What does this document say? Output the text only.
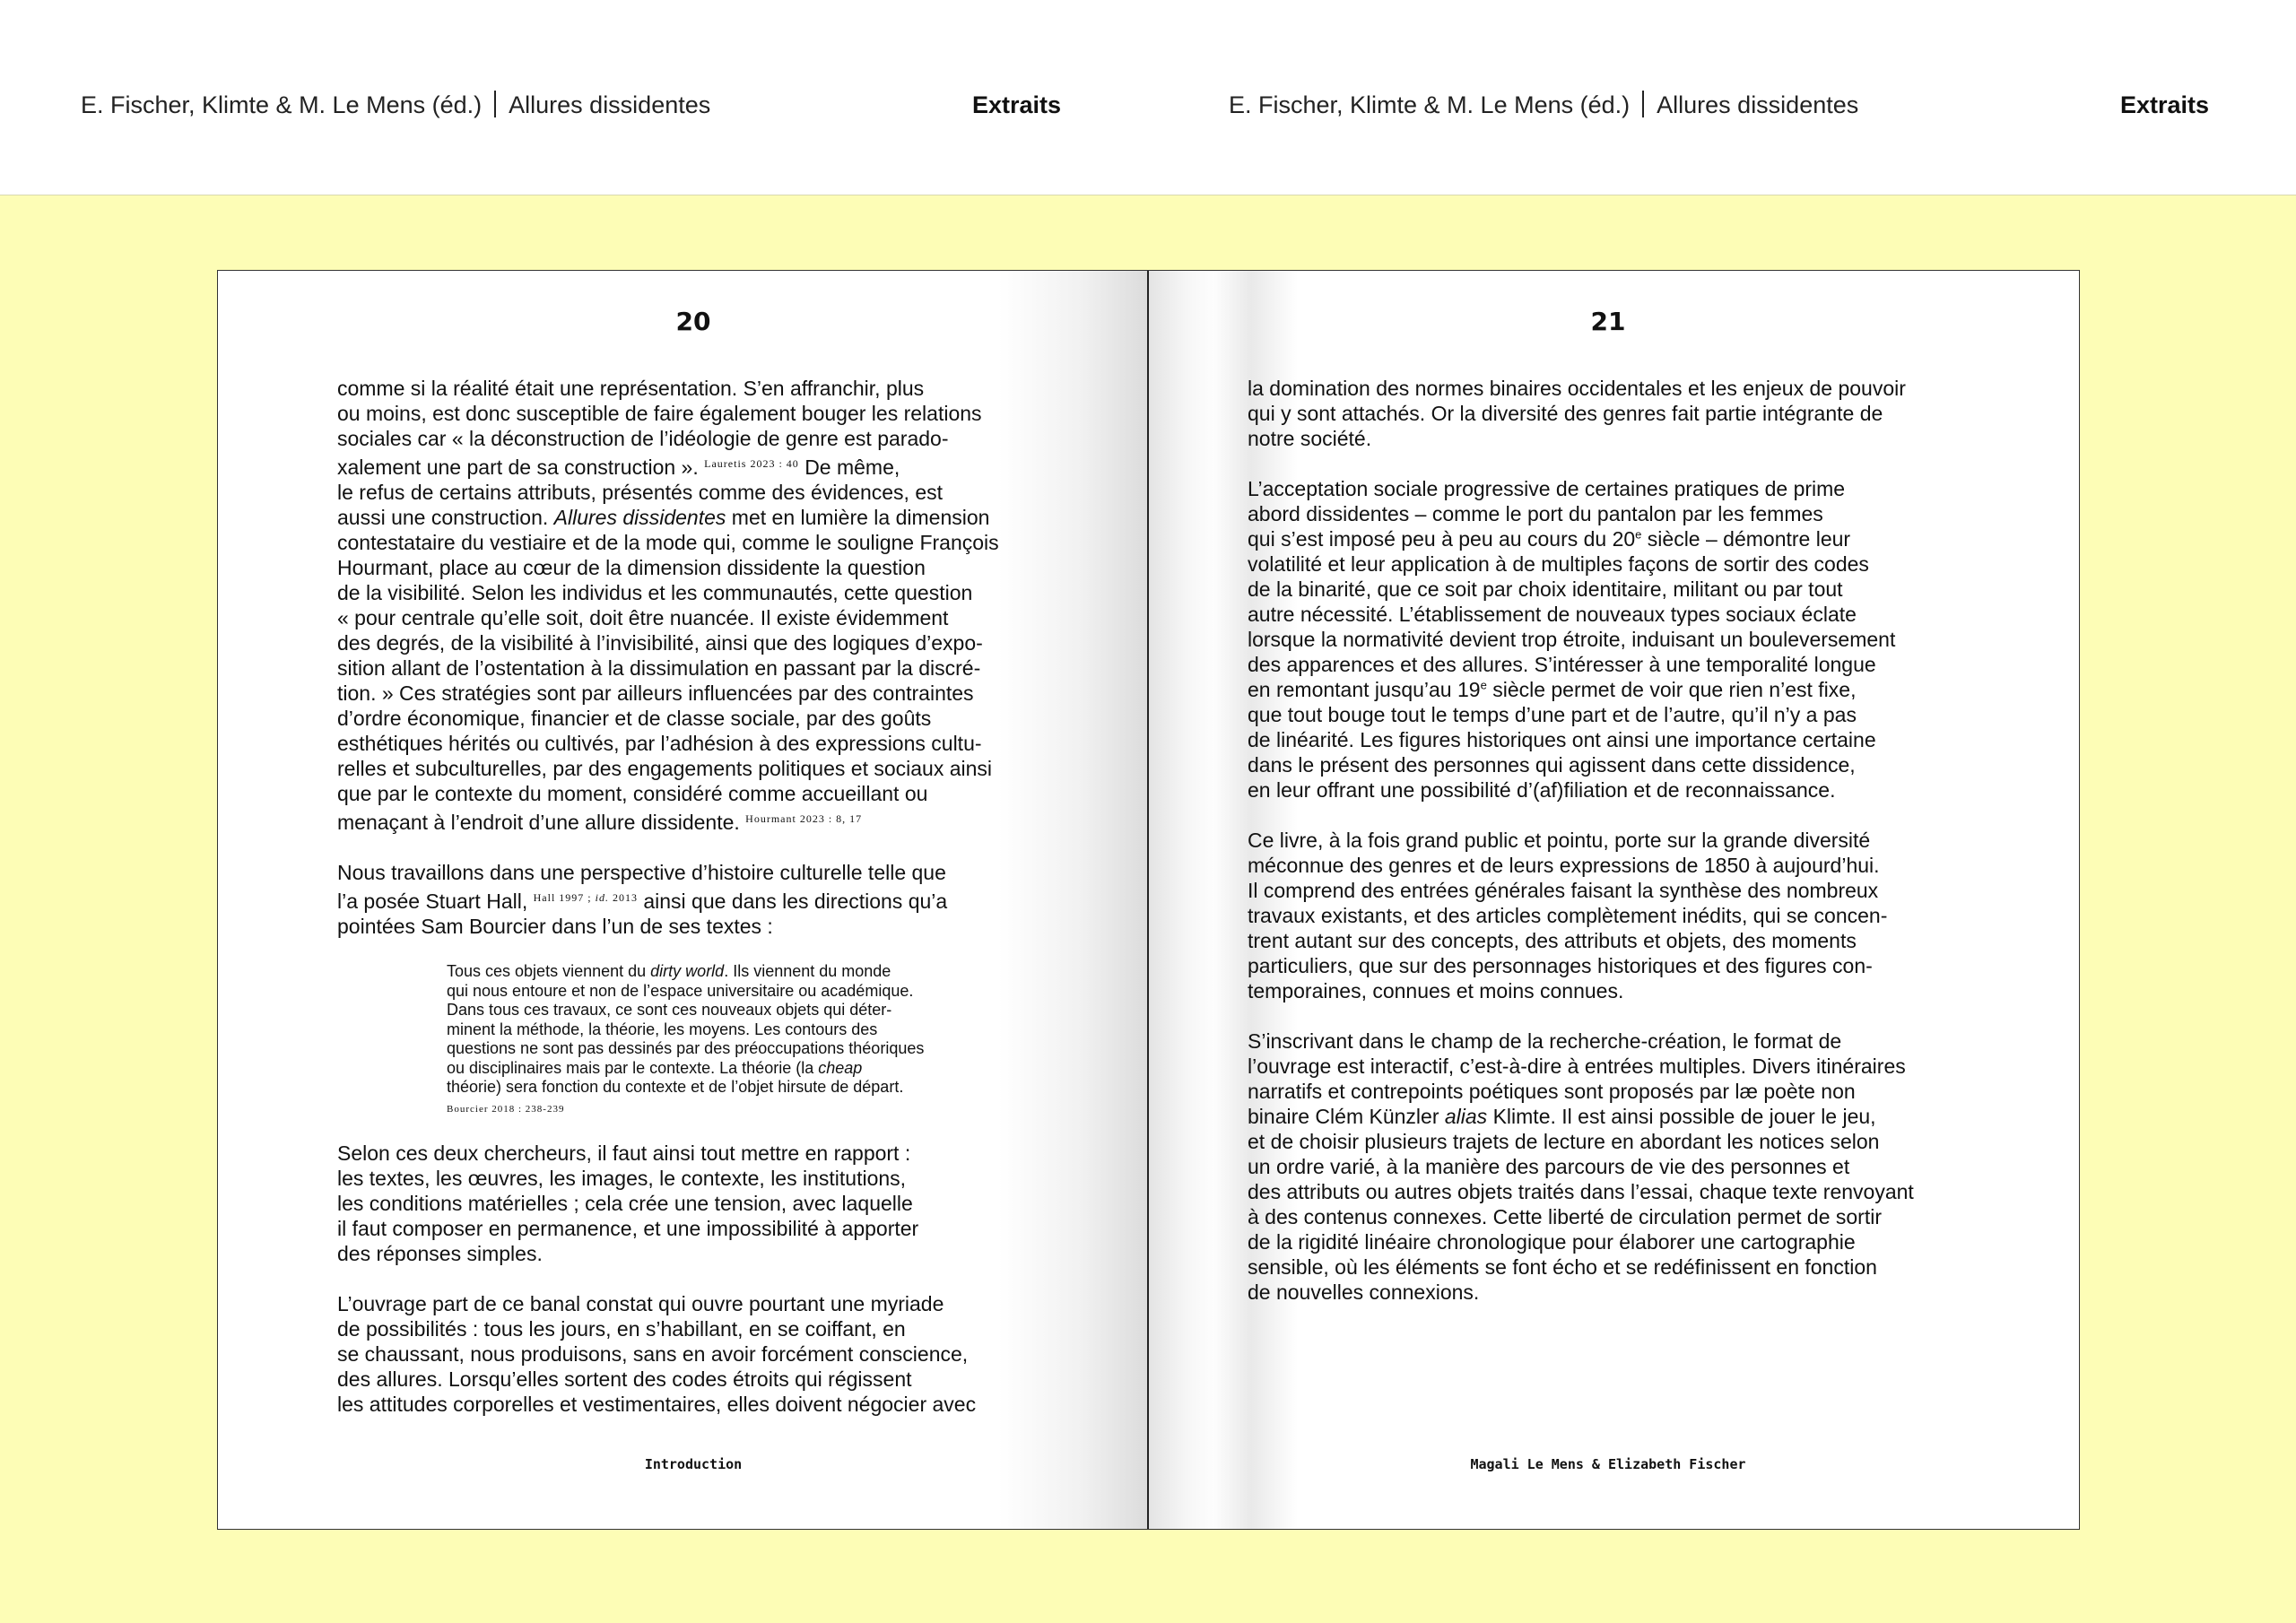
E. Fischer, Klimte & M. Le Mens (éd.) Allures dissidentes	Extraits	E. Fischer, Klimte & M. Le Mens (éd.) Allures dissidentes	Extraits
20

comme si la réalité était une représentation. S’en affranchir, plus
ou moins, est donc susceptible de faire également bouger les relations
sociales car « la déconstruction de l’idéologie de genre est parado-
xalement une part de sa construction ». $^{Lauretis 2023 : 40}$ De même,
le refus de certains attributs, présentés comme des évidences, est
aussi une construction. Allures dissidentes met en lumière la dimension
contestataire du vestiaire et de la mode qui, comme le souligne François
Hourmant, place au cœur de la dimension dissidente la question
de la visibilité. Selon les individus et les communautés, cette question
« pour centrale qu’elle soit, doit être nuancée. Il existe évidemment
des degrés, de la visibilité à l’invisibilité, ainsi que des logiques d’expo-
sition allant de l’ostentation à la dissimulation en passant par la discré-
tion. » Ces stratégies sont par ailleurs influencées par des contraintes
d’ordre économique, financier et de classe sociale, par des goûts
esthétiques hérités ou cultivés, par l’adhésion à des expressions cultu-
relles et subculturelles, par des engagements politiques et sociaux ainsi
que par le contexte du moment, considéré comme accueillant ou
menaçant à l’endroit d’une allure dissidente. $^{Hourmant 2023 : 8, 17}$

Nous travaillons dans une perspective d’histoire culturelle telle que
l’a posée Stuart Hall, $^{Hall 1997 ; id. 2013}$ ainsi que dans les directions qu’a
pointées Sam Bourcier dans l’un de ses textes :

Tous ces objets viennent du dirty world. Ils viennent du monde
qui nous entoure et non de l’espace universitaire ou académique.
Dans tous ces travaux, ce sont ces nouveaux objets qui déter-
minent la méthode, la théorie, les moyens. Les contours des
questions ne sont pas dessinés par des préoccupations théoriques
ou disciplinaires mais par le contexte. La théorie (la cheap
théorie) sera fonction du contexte et de l’objet hirsute de départ.
Bourcier 2018 : 238-239

Selon ces deux chercheurs, il faut ainsi tout mettre en rapport :
les textes, les œuvres, les images, le contexte, les institutions,
les conditions matérielles ; cela crée une tension, avec laquelle
il faut composer en permanence, et une impossibilité à apporter
des réponses simples.

L’ouvrage part de ce banal constat qui ouvre pourtant une myriade
de possibilités : tous les jours, en s’habillant, en se coiffant, en
se chaussant, nous produisons, sans en avoir forcément conscience,
des allures. Lorsqu’elles sortent des codes étroits qui régissent
les attitudes corporelles et vestimentaires, elles doivent négocier avec

Introduction
21

la domination des normes binaires occidentales et les enjeux de pouvoir
qui y sont attachés. Or la diversité des genres fait partie intégrante de
notre société.

L’acceptation sociale progressive de certaines pratiques de prime
abord dissidentes – comme le port du pantalon par les femmes
qui s’est imposé peu à peu au cours du 20e siècle – démontre leur
volatilité et leur application à de multiples façons de sortir des codes
de la binarité, que ce soit par choix identitaire, militant ou par tout
autre nécessité. L’établissement de nouveaux types sociaux éclate
lorsque la normativité devient trop étroite, induisant un bouleversement
des apparences et des allures. S’intéresser à une temporalité longue
en remontant jusqu’au 19e siècle permet de voir que rien n’est fixe,
que tout bouge tout le temps d’une part et de l’autre, qu’il n’y a pas
de linéarité. Les figures historiques ont ainsi une importance certaine
dans le présent des personnes qui agissent dans cette dissidence,
en leur offrant une possibilité d’(af)filiation et de reconnaissance.

Ce livre, à la fois grand public et pointu, porte sur la grande diversité
méconnue des genres et de leurs expressions de 1850 à aujourd’hui.
Il comprend des entrées générales faisant la synthèse des nombreux
travaux existants, et des articles complètement inédits, qui se concen-
trent autant sur des concepts, des attributs et objets, des moments
particuliers, que sur des personnages historiques et des figures con-
temporaines, connues et moins connues.

S’inscrivant dans le champ de la recherche-création, le format de
l’ouvrage est interactif, c’est-à-dire à entrées multiples. Divers itinéraires
narratifs et contrepoints poétiques sont proposés par læ poète non
binaire Clém Künzler alias Klimte. Il est ainsi possible de jouer le jeu,
et de choisir plusieurs trajets de lecture en abordant les notices selon
un ordre varié, à la manière des parcours de vie des personnes et
des attributs ou autres objets traités dans l’essai, chaque texte renvoyant
à des contenus connexes. Cette liberté de circulation permet de sortir
de la rigidité linéaire chronologique pour élaborer une cartographie
sensible, où les éléments se font écho et se redéfinissent en fonction
de nouvelles connexions.

Magali Le Mens & Elizabeth Fischer
